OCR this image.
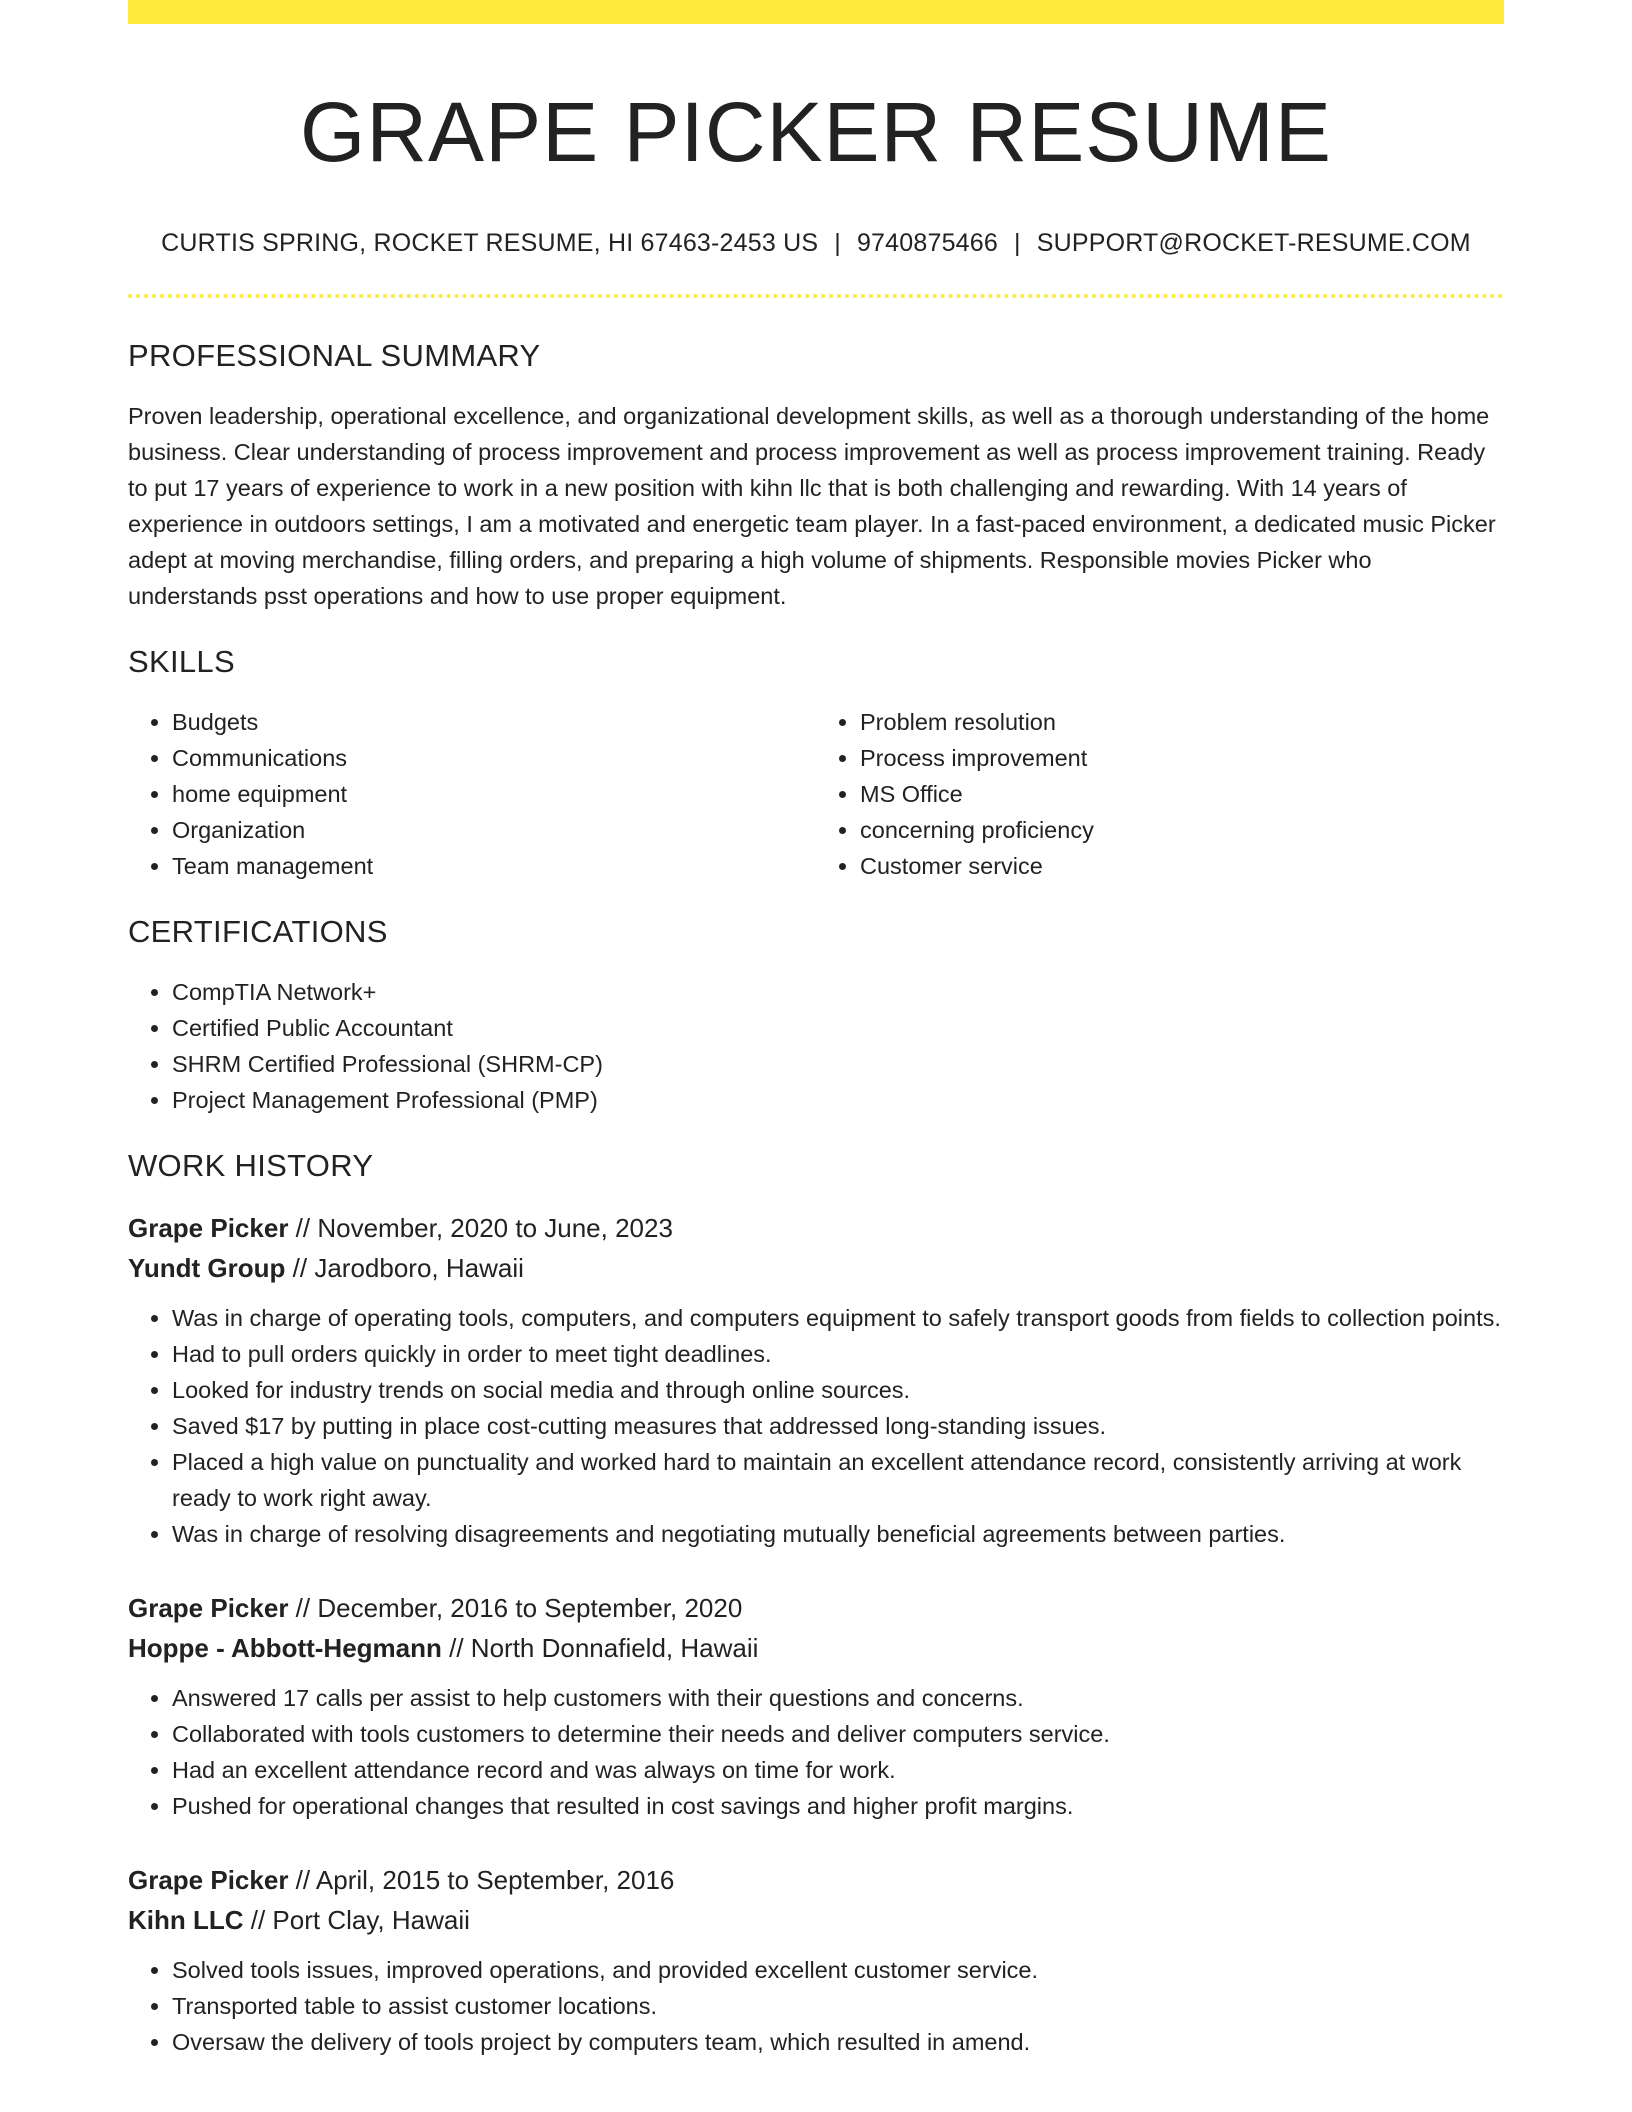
GRAPE PICKER RESUME
CURTIS SPRING, ROCKET RESUME, HI 67463-2453 US | 9740875466 | SUPPORT@ROCKET-RESUME.COM
PROFESSIONAL SUMMARY

Proven leadership, operational excellence, and organizational development skills, as well as a thorough understanding of the home business. Clear understanding of process improvement and process improvement as well as process improvement training. Ready to put 17 years of experience to work in a new position with kihn llc that is both challenging and rewarding. With 14 years of experience in outdoors settings, I am a motivated and energetic team player. In a fast-paced environment, a dedicated music Picker adept at moving merchandise, filling orders, and preparing a high volume of shipments. Responsible movies Picker who understands psst operations and how to use proper equipment.

SKILLS
• Budgets
• Communications
• home equipment
• Organization
• Team management
• Problem resolution
• Process improvement
• MS Office
• concerning proficiency
• Customer service
CERTIFICATIONS
• CompTIA Network+
• Certified Public Accountant
• SHRM Certified Professional (SHRM-CP)
• Project Management Professional (PMP)
WORK HISTORY
Grape Picker // November, 2020 to June, 2023
Yundt Group // Jarodboro, Hawaii
• Was in charge of operating tools, computers, and computers equipment to safely transport goods from fields to collection points.
• Had to pull orders quickly in order to meet tight deadlines.
• Looked for industry trends on social media and through online sources.
• Saved $17 by putting in place cost-cutting measures that addressed long-standing issues.
• Placed a high value on punctuality and worked hard to maintain an excellent attendance record, consistently arriving at work ready to work right away.
• Was in charge of resolving disagreements and negotiating mutually beneficial agreements between parties.
Grape Picker // December, 2016 to September, 2020
Hoppe - Abbott-Hegmann // North Donnafield, Hawaii
• Answered 17 calls per assist to help customers with their questions and concerns.
• Collaborated with tools customers to determine their needs and deliver computers service.
• Had an excellent attendance record and was always on time for work.
• Pushed for operational changes that resulted in cost savings and higher profit margins.
Grape Picker // April, 2015 to September, 2016
Kihn LLC // Port Clay, Hawaii
• Solved tools issues, improved operations, and provided excellent customer service.
• Transported table to assist customer locations.
• Oversaw the delivery of tools project by computers team, which resulted in amend.
